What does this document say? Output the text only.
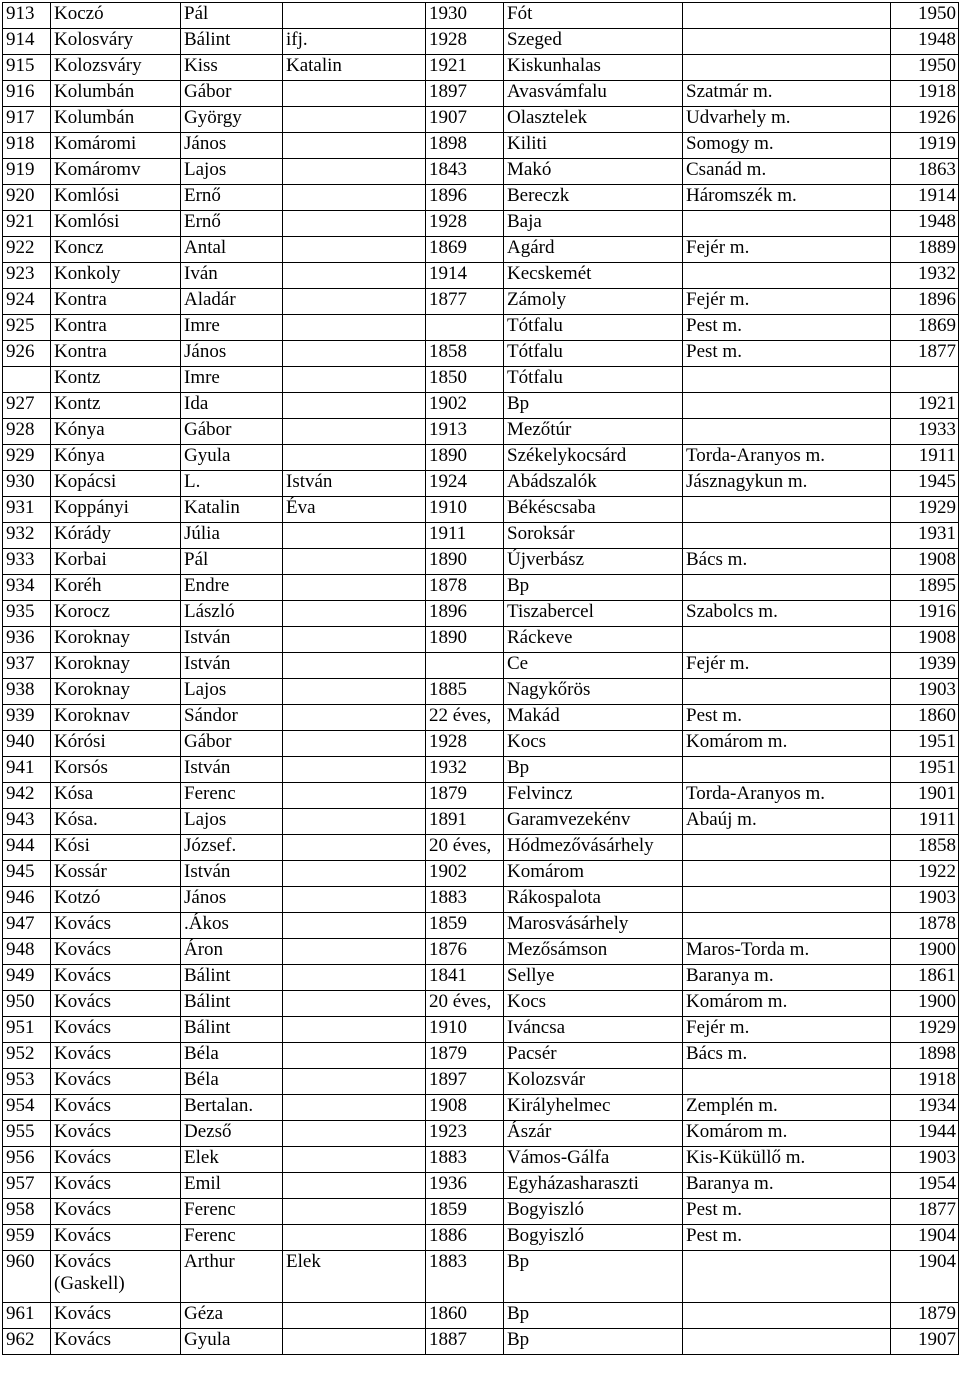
913	Koczó	Pál		1930	Fót		1950
914	Kolosváry	Bálint	ifj.	1928	Szeged		1948
915	Kolozsváry	Kiss	Katalin	1921	Kiskunhalas		1950
916	Kolumbán	Gábor		1897	Avasvámfalu	Szatmár m.	1918
917	Kolumbán	György		1907	Olasztelek	Udvarhely m.	1926
918	Komáromi	János		1898	Kiliti	Somogy m.	1919
919	Komáromv	Lajos		1843	Makó	Csanád m.	1863
920	Komlósi	Ernő		1896	Bereczk	Háromszék m.	1914
921	Komlósi	Ernő		1928	Baja		1948
922	Koncz	Antal		1869	Agárd	Fejér m.	1889
923	Konkoly	Iván		1914	Kecskemét		1932
924	Kontra	Aladár		1877	Zámoly	Fejér m.	1896
925	Kontra	Imre			Tótfalu	Pest m.	1869
926	Kontra	János		1858	Tótfalu	Pest m.	1877
	Kontz	Imre		1850	Tótfalu		
927	Kontz	Ida		1902	Bp		1921
928	Kónya	Gábor		1913	Mezőtúr		1933
929	Kónya	Gyula		1890	Székelykocsárd	Torda-Aranyos m.	1911
930	Kopácsi	L.	István	1924	Abádszalók	Jásznagykun m.	1945
931	Koppányi	Katalin	Éva	1910	Békéscsaba		1929
932	Kórády	Júlia		1911	Soroksár		1931
933	Korbai	Pál		1890	Újverbász	Bács m.	1908
934	Koréh	Endre		1878	Bp		1895
935	Korocz	László		1896	Tiszabercel	Szabolcs m.	1916
936	Koroknay	István		1890	Ráckeve		1908
937	Koroknay	István			Ce	Fejér m.	1939
938	Koroknay	Lajos		1885	Nagykőrös		1903
939	Koroknav	Sándor		22 éves,	Makád	Pest m.	1860
940	Kórósi	Gábor		1928	Kocs	Komárom m.	1951
941	Korsós	István		1932	Bp		1951
942	Kósa	Ferenc		1879	Felvincz	Torda-Aranyos m.	1901
943	Kósa.	Lajos		1891	Garamvezekénv	Abaúj m.	1911
944	Kósi	József.		20 éves,	Hódmezővásárhely		1858
945	Kossár	István		1902	Komárom		1922
946	Kotzó	János		1883	Rákospalota		1903
947	Kovács	.Ákos		1859	Marosvásárhely		1878
948	Kovács	Áron		1876	Mezősámson	Maros-Torda m.	1900
949	Kovács	Bálint		1841	Sellye	Baranya m.	1861
950	Kovács	Bálint		20 éves,	Kocs	Komárom m.	1900
951	Kovács	Bálint		1910	Iváncsa	Fejér m.	1929
952	Kovács	Béla		1879	Pacsér	Bács m.	1898
953	Kovács	Béla		1897	Kolozsvár		1918
954	Kovács	Bertalan.		1908	Királyhelmec	Zemplén m.	1934
955	Kovács	Dezső		1923	Ászár	Komárom m.	1944
956	Kovács	Elek		1883	Vámos-Gálfa	Kis-Küküllő m.	1903
957	Kovács	Emil		1936	Egyházasharaszti	Baranya m.	1954
958	Kovács	Ferenc		1859	Bogyiszló	Pest m.	1877
959	Kovács	Ferenc		1886	Bogyiszló	Pest m.	1904
960	Kovács (Gaskell)	Arthur	Elek	1883	Bp		1904
961	Kovács	Géza		1860	Bp		1879
962	Kovács	Gyula		1887	Bp		1907
